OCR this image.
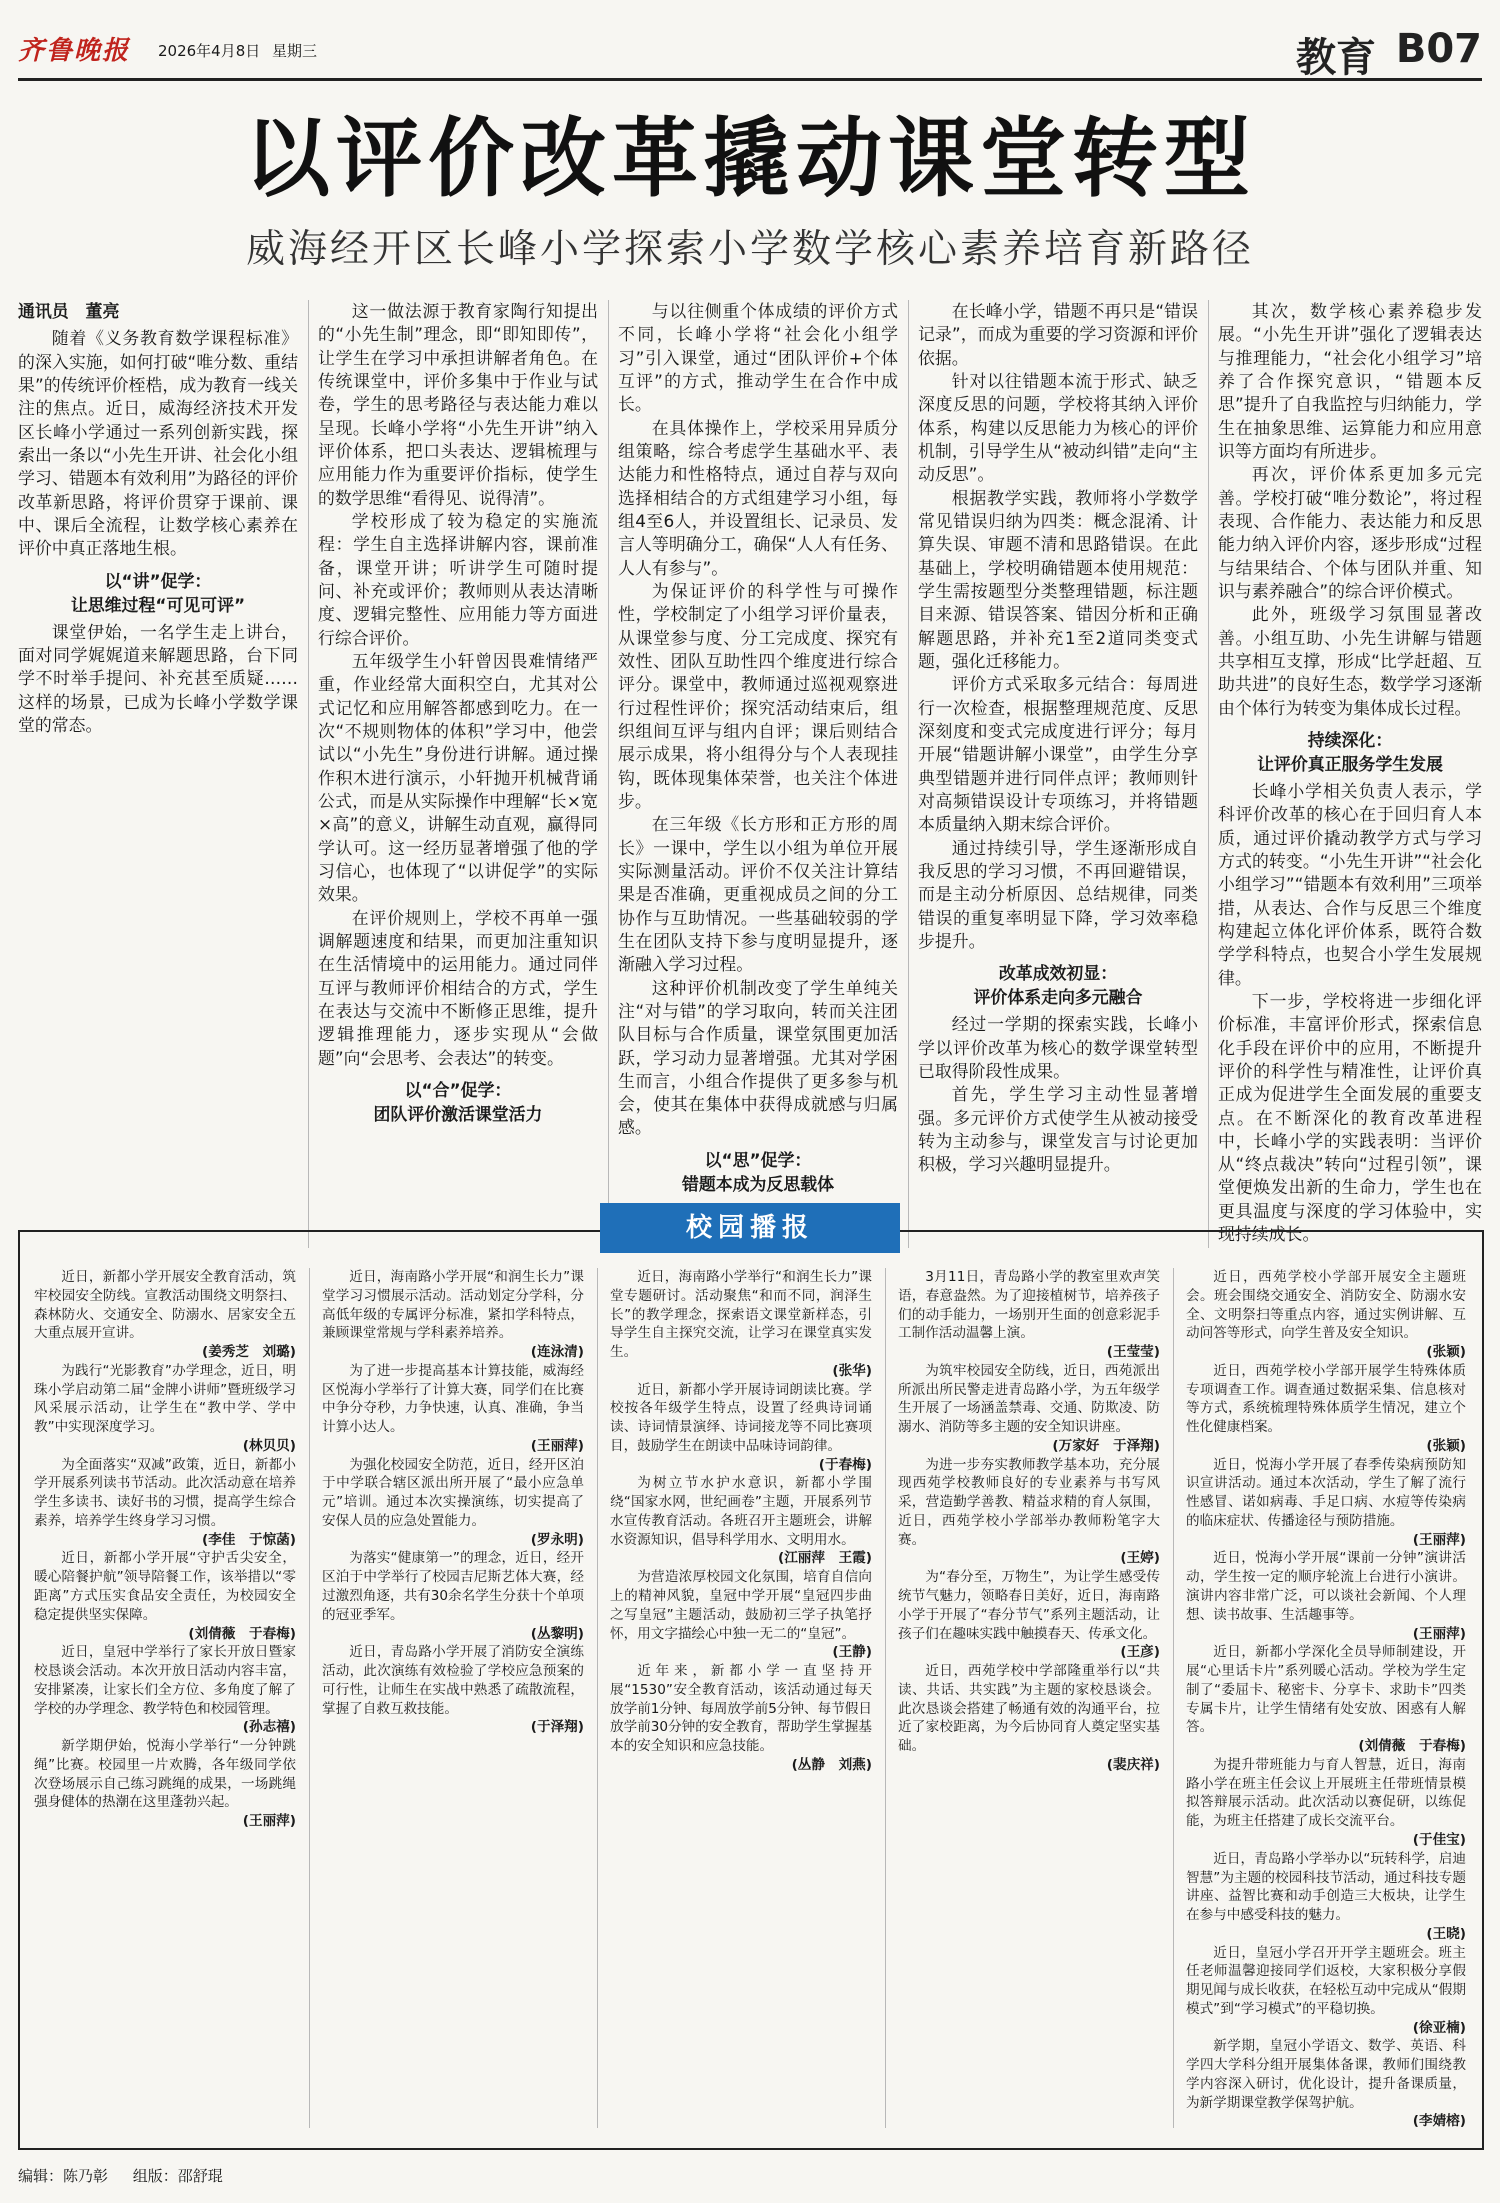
齐鲁晚报 2026年4月8日 星期三	教育 B07
以评价改革撬动课堂转型
威海经开区长峰小学探索小学数学核心素养培育新路径

通讯员　董亮

随着《义务教育数学课程标准》的深入实施，如何打破“唯分数、重结果”的传统评价桎梏，成为教育一线关注的焦点。近日，威海经济技术开发区长峰小学通过一系列创新实践，探索出一条以“小先生开讲、社会化小组学习、错题本有效利用”为路径的评价改革新思路，将评价贯穿于课前、课中、课后全流程，让数学核心素养在评价中真正落地生根。

以“讲”促学：
让思维过程“可见可评”

课堂伊始，一名学生走上讲台，面对同学娓娓道来解题思路，台下同学不时举手提问、补充甚至质疑……这样的场景，已成为长峰小学数学课堂的常态。

这一做法源于教育家陶行知提出的“小先生制”理念，即“即知即传”，让学生在学习中承担讲解者角色。在传统课堂中，评价多集中于作业与试卷，学生的思考路径与表达能力难以呈现。长峰小学将“小先生开讲”纳入评价体系，把口头表达、逻辑梳理与应用能力作为重要评价指标，使学生的数学思维“看得见、说得清”。

学校形成了较为稳定的实施流程：学生自主选择讲解内容，课前准备，课堂开讲；听讲学生可随时提问、补充或评价；教师则从表达清晰度、逻辑完整性、应用能力等方面进行综合评价。

五年级学生小轩曾因畏难情绪严重，作业经常大面积空白，尤其对公式记忆和应用解答都感到吃力。在一次“不规则物体的体积”学习中，他尝试以“小先生”身份进行讲解。通过操作积木进行演示，小轩抛开机械背诵公式，而是从实际操作中理解“长×宽×高”的意义，讲解生动直观，赢得同学认可。这一经历显著增强了他的学习信心，也体现了“以讲促学”的实际效果。

在评价规则上，学校不再单一强调解题速度和结果，而更加注重知识在生活情境中的运用能力。通过同伴互评与教师评价相结合的方式，学生在表达与交流中不断修正思维，提升逻辑推理能力，逐步实现从“会做题”向“会思考、会表达”的转变。

以“合”促学：
团队评价激活课堂活力

与以往侧重个体成绩的评价方式不同，长峰小学将“社会化小组学习”引入课堂，通过“团队评价+个体互评”的方式，推动学生在合作中成长。

在具体操作上，学校采用异质分组策略，综合考虑学生基础水平、表达能力和性格特点，通过自荐与双向选择相结合的方式组建学习小组，每组4至6人，并设置组长、记录员、发言人等明确分工，确保“人人有任务、人人有参与”。

为保证评价的科学性与可操作性，学校制定了小组学习评价量表，从课堂参与度、分工完成度、探究有效性、团队互助性四个维度进行综合评分。课堂中，教师通过巡视观察进行过程性评价；探究活动结束后，组织组间互评与组内自评；课后则结合展示成果，将小组得分与个人表现挂钩，既体现集体荣誉，也关注个体进步。

在三年级《长方形和正方形的周长》一课中，学生以小组为单位开展实际测量活动。评价不仅关注计算结果是否准确，更重视成员之间的分工协作与互助情况。一些基础较弱的学生在团队支持下参与度明显提升，逐渐融入学习过程。

这种评价机制改变了学生单纯关注“对与错”的学习取向，转而关注团队目标与合作质量，课堂氛围更加活跃，学习动力显著增强。尤其对学困生而言，小组合作提供了更多参与机会，使其在集体中获得成就感与归属感。

以“思”促学：
错题本成为反思载体

在长峰小学，错题不再只是“错误记录”，而成为重要的学习资源和评价依据。

针对以往错题本流于形式、缺乏深度反思的问题，学校将其纳入评价体系，构建以反思能力为核心的评价机制，引导学生从“被动纠错”走向“主动反思”。

根据教学实践，教师将小学数学常见错误归纳为四类：概念混淆、计算失误、审题不清和思路错误。在此基础上，学校明确错题本使用规范：学生需按题型分类整理错题，标注题目来源、错误答案、错因分析和正确解题思路，并补充1至2道同类变式题，强化迁移能力。

评价方式采取多元结合：每周进行一次检查，根据整理规范度、反思深刻度和变式完成度进行评分；每月开展“错题讲解小课堂”，由学生分享典型错题并进行同伴点评；教师则针对高频错误设计专项练习，并将错题本质量纳入期末综合评价。

通过持续引导，学生逐渐形成自我反思的学习习惯，不再回避错误，而是主动分析原因、总结规律，同类错误的重复率明显下降，学习效率稳步提升。

改革成效初显：
评价体系走向多元融合

经过一学期的探索实践，长峰小学以评价改革为核心的数学课堂转型已取得阶段性成果。

首先，学生学习主动性显著增强。多元评价方式使学生从被动接受转为主动参与，课堂发言与讨论更加积极，学习兴趣明显提升。

其次，数学核心素养稳步发展。“小先生开讲”强化了逻辑表达与推理能力，“社会化小组学习”培养了合作探究意识，“错题本反思”提升了自我监控与归纳能力，学生在抽象思维、运算能力和应用意识等方面均有所进步。

再次，评价体系更加多元完善。学校打破“唯分数论”，将过程表现、合作能力、表达能力和反思能力纳入评价内容，逐步形成“过程与结果结合、个体与团队并重、知识与素养融合”的综合评价模式。

此外，班级学习氛围显著改善。小组互助、小先生讲解与错题共享相互支撑，形成“比学赶超、互助共进”的良好生态，数学学习逐渐由个体行为转变为集体成长过程。

持续深化：
让评价真正服务学生发展

长峰小学相关负责人表示，学科评价改革的核心在于回归育人本质，通过评价撬动教学方式与学习方式的转变。“小先生开讲”“社会化小组学习”“错题本有效利用”三项举措，从表达、合作与反思三个维度构建起立体化评价体系，既符合数学学科特点，也契合小学生发展规律。

下一步，学校将进一步细化评价标准，丰富评价形式，探索信息化手段在评价中的应用，不断提升评价的科学性与精准性，让评价真正成为促进学生全面发展的重要支点。在不断深化的教育改革进程中，长峰小学的实践表明：当评价从“终点裁决”转向“过程引领”，课堂便焕发出新的生命力，学生也在更具温度与深度的学习体验中，实现持续成长。

校园播报

近日，新都小学开展安全教育活动，筑牢校园安全防线。宣教活动围绕文明祭扫、森林防火、交通安全、防溺水、居家安全五大重点展开宣讲。

(姜秀芝　刘璐)

为践行“光影教育”办学理念，近日，明珠小学启动第二届“金牌小讲师”暨班级学习风采展示活动，让学生在“教中学、学中教”中实现深度学习。

(林贝贝)

为全面落实“双减”政策，近日，新都小学开展系列读书节活动。此次活动意在培养学生多读书、读好书的习惯，提高学生综合素养，培养学生终身学习习惯。

(李佳　于惊菡)

近日，新都小学开展“守护舌尖安全，暖心陪餐护航”领导陪餐工作，该举措以“零距离”方式压实食品安全责任，为校园安全稳定提供坚实保障。

(刘倩薇　于春梅)

近日，皇冠中学举行了家长开放日暨家校恳谈会活动。本次开放日活动内容丰富，安排紧凑，让家长们全方位、多角度了解了学校的办学理念、教学特色和校园管理。

(孙志禧)

新学期伊始，悦海小学举行“一分钟跳绳”比赛。校园里一片欢腾，各年级同学依次登场展示自己练习跳绳的成果，一场跳绳强身健体的热潮在这里蓬勃兴起。

(王丽萍)

近日，海南路小学开展“和润生长力”课堂学习习惯展示活动。活动划定分学科，分高低年级的专属评分标准，紧扣学科特点，兼顾课堂常规与学科素养培养。

(连泳清)

为了进一步提高基本计算技能，威海经区悦海小学举行了计算大赛，同学们在比赛中争分夺秒，力争快速，认真、准确，争当计算小达人。

(王丽萍)

为强化校园安全防范，近日，经开区泊于中学联合辖区派出所开展了“最小应急单元”培训。通过本次实操演练，切实提高了安保人员的应急处置能力。

(罗永明)

为落实“健康第一”的理念，近日，经开区泊于中学举行了校园吉尼斯艺体大赛，经过激烈角逐，共有30余名学生分获十个单项的冠亚季军。

(丛黎明)

近日，青岛路小学开展了消防安全演练活动，此次演练有效检验了学校应急预案的可行性，让师生在实战中熟悉了疏散流程，掌握了自救互救技能。

(于泽翔)

近日，海南路小学举行“和润生长力”课堂专题研讨。活动聚焦“和而不同，润泽生长”的教学理念，探索语文课堂新样态，引导学生自主探究交流，让学习在课堂真实发生。

(张华)

近日，新都小学开展诗词朗读比赛。学校按各年级学生特点，设置了经典诗词诵读、诗词情景演绎、诗词接龙等不同比赛项目，鼓励学生在朗读中品味诗词韵律。

(于春梅)

为树立节水护水意识，新都小学围绕“国家水网，世纪画卷”主题，开展系列节水宣传教育活动。各班召开主题班会，讲解水资源知识，倡导科学用水、文明用水。

(江丽萍　王霞)

为营造浓厚校园文化氛围，培育自信向上的精神风貌，皇冠中学开展“皇冠四步曲之写皇冠”主题活动，鼓励初三学子执笔抒怀，用文字描绘心中独一无二的“皇冠”。

(王静)

近年来，新都小学一直坚持开展“1530”安全教育活动，该活动通过每天放学前1分钟、每周放学前5分钟、每节假日放学前30分钟的安全教育，帮助学生掌握基本的安全知识和应急技能。

(丛静　刘燕)

3月11日，青岛路小学的教室里欢声笑语，春意盎然。为了迎接植树节，培养孩子们的动手能力，一场别开生面的创意彩泥手工制作活动温馨上演。

(王莹莹)

为筑牢校园安全防线，近日，西苑派出所派出所民警走进青岛路小学，为五年级学生开展了一场涵盖禁毒、交通、防欺凌、防溺水、消防等多主题的安全知识讲座。

(万家好　于泽翔)

为进一步夯实教师教学基本功，充分展现西苑学校教师良好的专业素养与书写风采，营造勤学善教、精益求精的育人氛围，近日，西苑学校小学部举办教师粉笔字大赛。

(王婷)

为“春分至，万物生”，为让学生感受传统节气魅力，领略春日美好，近日，海南路小学于开展了“春分节气”系列主题活动，让孩子们在趣味实践中触摸春天、传承文化。

(王彦)

近日，西苑学校中学部隆重举行以“共读、共话、共实践”为主题的家校恳谈会。此次恳谈会搭建了畅通有效的沟通平台，拉近了家校距离，为今后协同育人奠定坚实基础。

(裴庆祥)

近日，西苑学校小学部开展安全主题班会。班会围绕交通安全、消防安全、防溺水安全、文明祭扫等重点内容，通过实例讲解、互动问答等形式，向学生普及安全知识。

(张颖)

近日，西苑学校小学部开展学生特殊体质专项调查工作。调查通过数据采集、信息核对等方式，系统梳理特殊体质学生情况，建立个性化健康档案。

(张颖)

近日，悦海小学开展了春季传染病预防知识宣讲活动。通过本次活动，学生了解了流行性感冒、诺如病毒、手足口病、水痘等传染病的临床症状、传播途径与预防措施。

(王丽萍)

近日，悦海小学开展“课前一分钟”演讲活动，学生按一定的顺序轮流上台进行小演讲。演讲内容非常广泛，可以谈社会新闻、个人理想、读书故事、生活趣事等。

(王丽萍)

近日，新都小学深化全员导师制建设，开展“心里话卡片”系列暖心活动。学校为学生定制了“委屈卡、秘密卡、分享卡、求助卡”四类专属卡片，让学生情绪有处安放、困惑有人解答。

(刘倩薇　于春梅)

为提升带班能力与育人智慧，近日，海南路小学在班主任会议上开展班主任带班情景模拟答辩展示活动。此次活动以赛促研，以练促能，为班主任搭建了成长交流平台。

(于佳宝)

近日，青岛路小学举办以“玩转科学，启迪智慧”为主题的校园科技节活动，通过科技专题讲座、益智比赛和动手创造三大板块，让学生在参与中感受科技的魅力。

(王晓)

近日，皇冠小学召开开学主题班会。班主任老师温馨迎接同学们返校，大家积极分享假期见闻与成长收获，在轻松互动中完成从“假期模式”到“学习模式”的平稳切换。

(徐亚楠)

新学期，皇冠小学语文、数学、英语、科学四大学科分组开展集体备课，教师们围绕教学内容深入研讨，优化设计，提升备课质量，为新学期课堂教学保驾护航。

(李婧榕)

编辑：陈乃彰 组版：邵舒琨
